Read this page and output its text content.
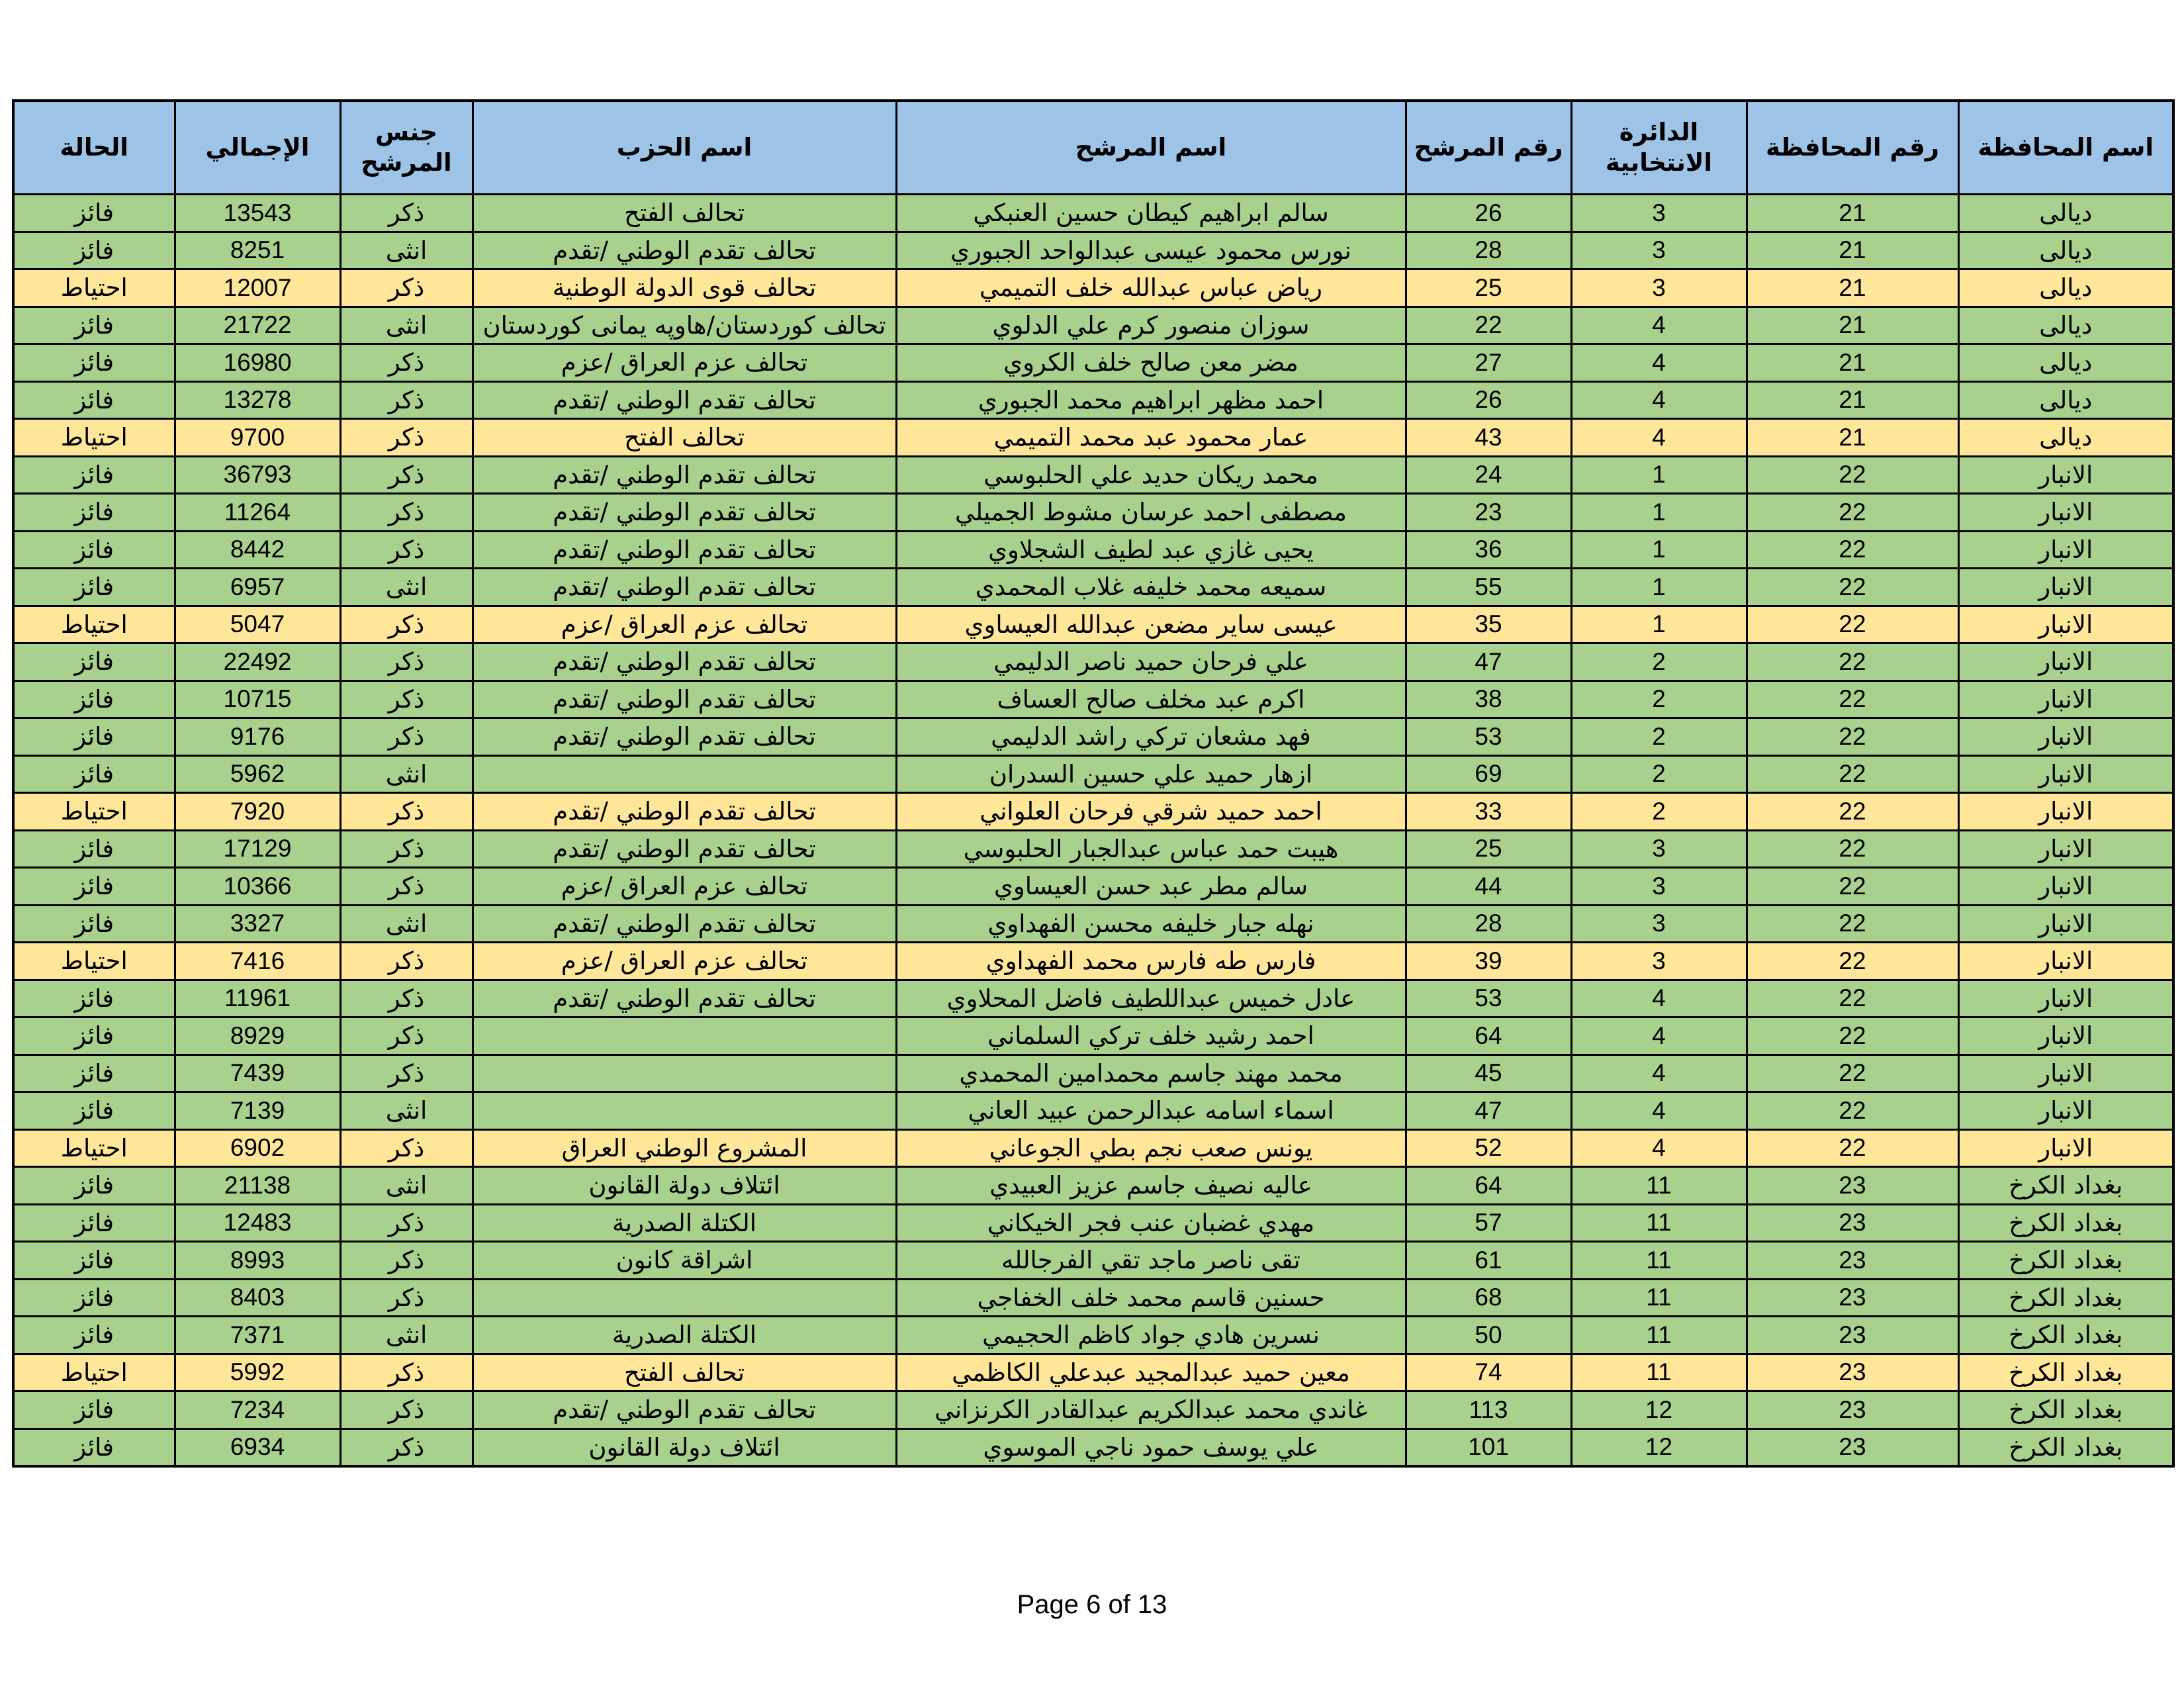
اسم المحافظة	رقم المحافظة	الدائرة الانتخابية	رقم المرشح	اسم المرشح	اسم الحزب	جنس المرشح	الإجمالي	الحالة
ديالى	21	3	26	سالم ابراهيم كيطان حسين العنبكي	تحالف الفتح	ذكر	13543	فائز
ديالى	21	3	28	نورس محمود عيسى عبدالواحد الجبوري	تحالف تقدم الوطني /تقدم	انثى	8251	فائز
ديالى	21	3	25	رياض عباس عبدالله خلف التميمي	تحالف قوى الدولة الوطنية	ذكر	12007	احتياط
ديالى	21	4	22	سوزان منصور كرم علي الدلوي	تحالف كوردستان/هاوپه یمانی كوردستان	انثى	21722	فائز
ديالى	21	4	27	مضر معن صالح خلف الكروي	تحالف عزم العراق /عزم	ذكر	16980	فائز
ديالى	21	4	26	احمد مظهر ابراهيم محمد الجبوري	تحالف تقدم الوطني /تقدم	ذكر	13278	فائز
ديالى	21	4	43	عمار محمود عبد محمد التميمي	تحالف الفتح	ذكر	9700	احتياط
الانبار	22	1	24	محمد ريكان حديد علي الحلبوسي	تحالف تقدم الوطني /تقدم	ذكر	36793	فائز
الانبار	22	1	23	مصطفى احمد عرسان مشوط الجميلي	تحالف تقدم الوطني /تقدم	ذكر	11264	فائز
الانبار	22	1	36	يحيى غازي عبد لطيف الشجلاوي	تحالف تقدم الوطني /تقدم	ذكر	8442	فائز
الانبار	22	1	55	سميعه محمد خليفه غلاب المحمدي	تحالف تقدم الوطني /تقدم	انثى	6957	فائز
الانبار	22	1	35	عيسى ساير مضعن عبدالله العيساوي	تحالف عزم العراق /عزم	ذكر	5047	احتياط
الانبار	22	2	47	علي فرحان حميد ناصر الدليمي	تحالف تقدم الوطني /تقدم	ذكر	22492	فائز
الانبار	22	2	38	اكرم عبد مخلف صالح العساف	تحالف تقدم الوطني /تقدم	ذكر	10715	فائز
الانبار	22	2	53	فهد مشعان تركي راشد الدليمي	تحالف تقدم الوطني /تقدم	ذكر	9176	فائز
الانبار	22	2	69	ازهار حميد علي حسين السدران		انثى	5962	فائز
الانبار	22	2	33	احمد حميد شرقي فرحان العلواني	تحالف تقدم الوطني /تقدم	ذكر	7920	احتياط
الانبار	22	3	25	هيبت حمد عباس عبدالجبار الحلبوسي	تحالف تقدم الوطني /تقدم	ذكر	17129	فائز
الانبار	22	3	44	سالم مطر عبد حسن العيساوي	تحالف عزم العراق /عزم	ذكر	10366	فائز
الانبار	22	3	28	نهله جبار خليفه محسن الفهداوي	تحالف تقدم الوطني /تقدم	انثى	3327	فائز
الانبار	22	3	39	فارس طه فارس محمد الفهداوي	تحالف عزم العراق /عزم	ذكر	7416	احتياط
الانبار	22	4	53	عادل خميس عبداللطيف فاضل المحلاوي	تحالف تقدم الوطني /تقدم	ذكر	11961	فائز
الانبار	22	4	64	احمد رشيد خلف تركي السلماني		ذكر	8929	فائز
الانبار	22	4	45	محمد مهند جاسم محمدامين المحمدي		ذكر	7439	فائز
الانبار	22	4	47	اسماء اسامه عبدالرحمن عبيد العاني		انثى	7139	فائز
الانبار	22	4	52	يونس صعب نجم بطي الجوعاني	المشروع الوطني العراق	ذكر	6902	احتياط
بغداد الكرخ	23	11	64	عاليه نصيف جاسم عزيز العبيدي	ائتلاف دولة القانون	انثى	21138	فائز
بغداد الكرخ	23	11	57	مهدي غضبان عنب فجر الخيكاني	الكتلة الصدرية	ذكر	12483	فائز
بغداد الكرخ	23	11	61	تقى ناصر ماجد تقي الفرجالله	اشراقة كانون	ذكر	8993	فائز
بغداد الكرخ	23	11	68	حسنين قاسم محمد خلف الخفاجي		ذكر	8403	فائز
بغداد الكرخ	23	11	50	نسرين هادي جواد كاظم الحجيمي	الكتلة الصدرية	انثى	7371	فائز
بغداد الكرخ	23	11	74	معين حميد عبدالمجيد عبدعلي الكاظمي	تحالف الفتح	ذكر	5992	احتياط
بغداد الكرخ	23	12	113	غاندي محمد عبدالكريم عبدالقادر الكرنزاني	تحالف تقدم الوطني /تقدم	ذكر	7234	فائز
بغداد الكرخ	23	12	101	علي يوسف حمود ناجي الموسوي	ائتلاف دولة القانون	ذكر	6934	فائز
Page 6 of 13
